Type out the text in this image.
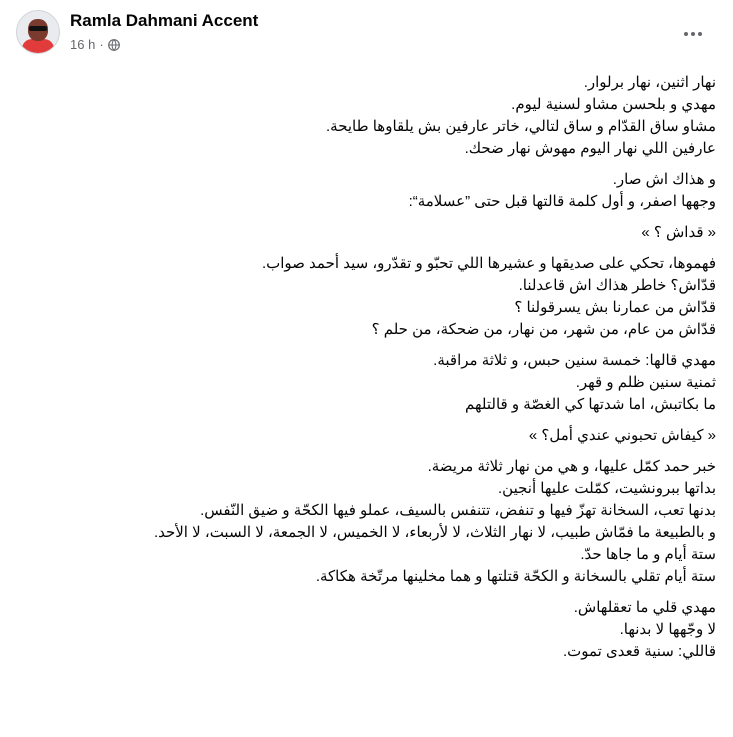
Ramla Dahmani Accent
16 h ·

نهار اثنين، نهار برلوار.
مهدي و بلحسن مشاو لسنية ليوم.
مشاو ساق القدّام و ساق لتالي، خاتر عارفين بش يلقاوها طايحة.
عارفين اللي نهار اليوم مهوش نهار ضحك.

و هذاك اش صار.
وجهها اصفر، و أول كلمة قالتها قبل حتى ”عسلامة“:

« قداش ؟ »

فهموها، تحكي على صديقها و عشيرها اللي تحبّو و تقدّرو، سيد أحمد صواب.
قدّاش؟ خاطر هذاك اش قاعدلنا.
قدّاش من عمارنا بش يسرقولنا ؟
قدّاش من عام، من شهر، من نهار، من ضحكة، من حلم ؟

مهدي قالها: خمسة سنين حبس، و ثلاثة مراقبة.
ثمنية سنين ظلم و قهر.
ما بكاتبش، اما شدتها كي الغصّة و قالتلهم

« كيفاش تحبوني عندي أمل؟ »

خبر حمد كمّل عليها، و هي من نهار ثلاثة مريضة.
بداتها ببرونشيت، كمّلت عليها أنجين.
بدنها تعب، السخانة تهزّ فيها و تنفض، تتنفس بالسيف، عملو فيها الكحّة و ضيق النّفس.
و بالطبيعة ما فمّاش طبيب، لا نهار الثلاث، لا لأربعاء، لا الخميس، لا الجمعة، لا السبت، لا الأحد.
ستة أيام و ما جاها حدّ.
ستة أيام تقلي بالسخانة و الكحّة قتلتها و هما مخلينها مرتّخة هكاكة.

مهدي قلي ما تعقلهاش.
لا وجّهها لا بدنها.
قاللي: سنية قعدى تموت.
